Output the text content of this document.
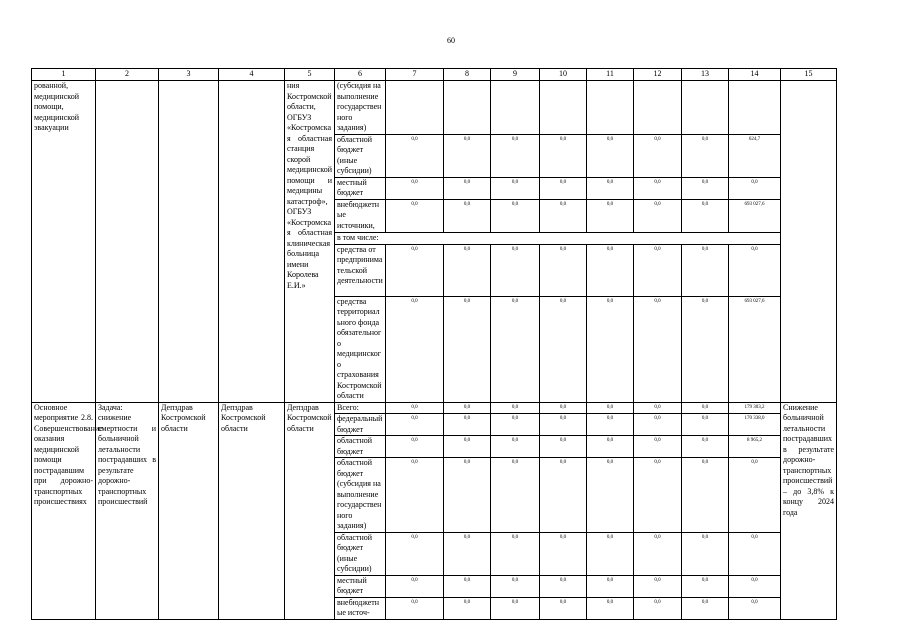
60
1	2	3	4	5	6	7	8	9	10	11	12	13	14	15
рованной, медицинской помощи, медицинской эвакуации				ния Костромской области, ОГБУЗ «Костромская областная станция скорой медицинской помощи и медицины катастроф», ОГБУЗ «Костромская областная клиническая больница имени Королева Е.И.»	(субсидия на выполнение государственного задания)									
					областной бюджет (иные субсидии)	0,0	0,0	0,0	0,0	0,0	0,0	0,0	624,7	
					местный бюджет	0,0	0,0	0,0	0,0	0,0	0,0	0,0	0,0	
					внебюджетные источники,	0,0	0,0	0,0	0,0	0,0	0,0	0,0	693 027,6	
					в том числе:									
					средства от предпринимательской деятельности	0,0	0,0	0,0	0,0	0,0	0,0	0,0	0,0	
					средства территориального фонда обязательного медицинского страхования Костромской области	0,0	0,0	0,0	0,0	0,0	0,0	0,0	693 027,6	
Основное мероприятие 2.8. Совершенствование оказания медицинской помощи пострадавшим при дорожно-транспортных происшествиях	Задача: снижение смертности и больничной летальности пострадавших в результате дорожно-транспортных происшествий	Депздрав Костромской области	Депздрав Костромской области	Депздрав Костромской области	Всего:	0,0	0,0	0,0	0,0	0,0	0,0	0,0	179 303,2	Снижение больничной летальности пострадавших в результате дорожно-транспортных происшествий – до 3,8% к концу 2024 года
					федеральный бюджет	0,0	0,0	0,0	0,0	0,0	0,0	0,0	170 338,0	
					областной бюджет	0,0	0,0	0,0	0,0	0,0	0,0	0,0	8 965,2	
					областной бюджет (субсидия на выполнение государственного задания)	0,0	0,0	0,0	0,0	0,0	0,0	0,0	0,0	
					областной бюджет (иные субсидии)	0,0	0,0	0,0	0,0	0,0	0,0	0,0	0,0	
					местный бюджет	0,0	0,0	0,0	0,0	0,0	0,0	0,0	0,0	
					внебюджетные источ-	0,0	0,0	0,0	0,0	0,0	0,0	0,0	0,0	
